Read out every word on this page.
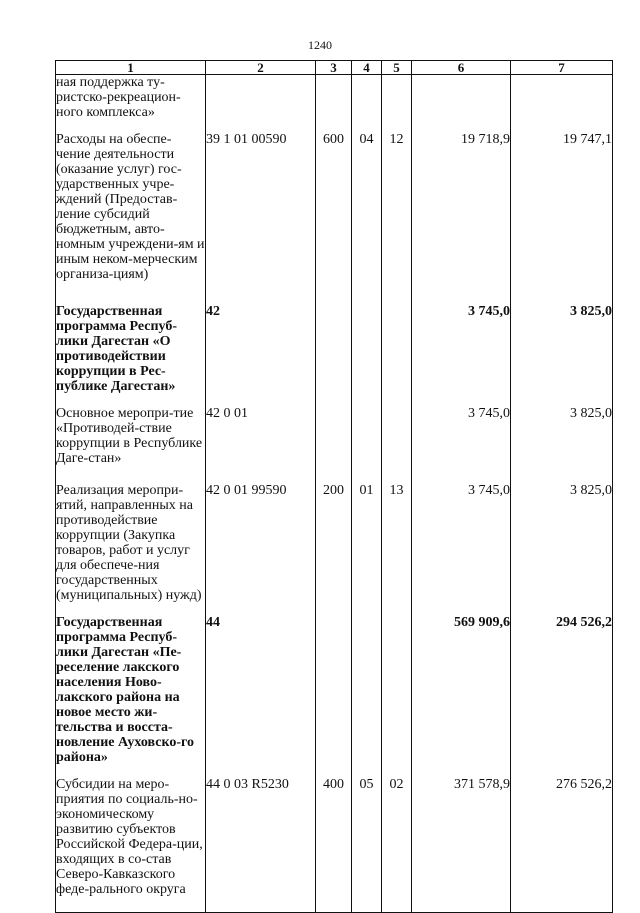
1240
1	2	3	4	5	6	7
ная поддержка ту-ристско-рекреацион-ного комплекса»						
Расходы на обеспе-чение деятельности (оказание услуг) гос-ударственных учре-ждений (Предостав-ление субсидий бюджетным, авто-номным учреждени-ям и иным неком-мерческим организа-циям)	39 1 01 00590	600	04	12	19 718,9	19 747,1
Государственная программа Респуб-лики Дагестан «О противодействии коррупции в Рес-публике Дагестан»	42				3 745,0	3 825,0
Основное меропри-тие «Противодей-ствие коррупции в Республике Даге-стан»	42 0 01				3 745,0	3 825,0
Реализация меропри-ятий, направленных на противодействие коррупции (Закупка товаров, работ и услуг для обеспече-ния государственных (муниципальных) нужд)	42 0 01 99590	200	01	13	3 745,0	3 825,0
Государственная программа Респуб-лики Дагестан «Пе-реселение лакского населения Ново-лакского района на новое место жи-тельства и восста-новление Ауховско-го района»	44				569 909,6	294 526,2
Субсидии на меро-приятия по социаль-но-экономическому развитию субъектов Российской Федера-ции, входящих в со-став Северо-Кавказского феде-рального округа	44 0 03 R5230	400	05	02	371 578,9	276 526,2
